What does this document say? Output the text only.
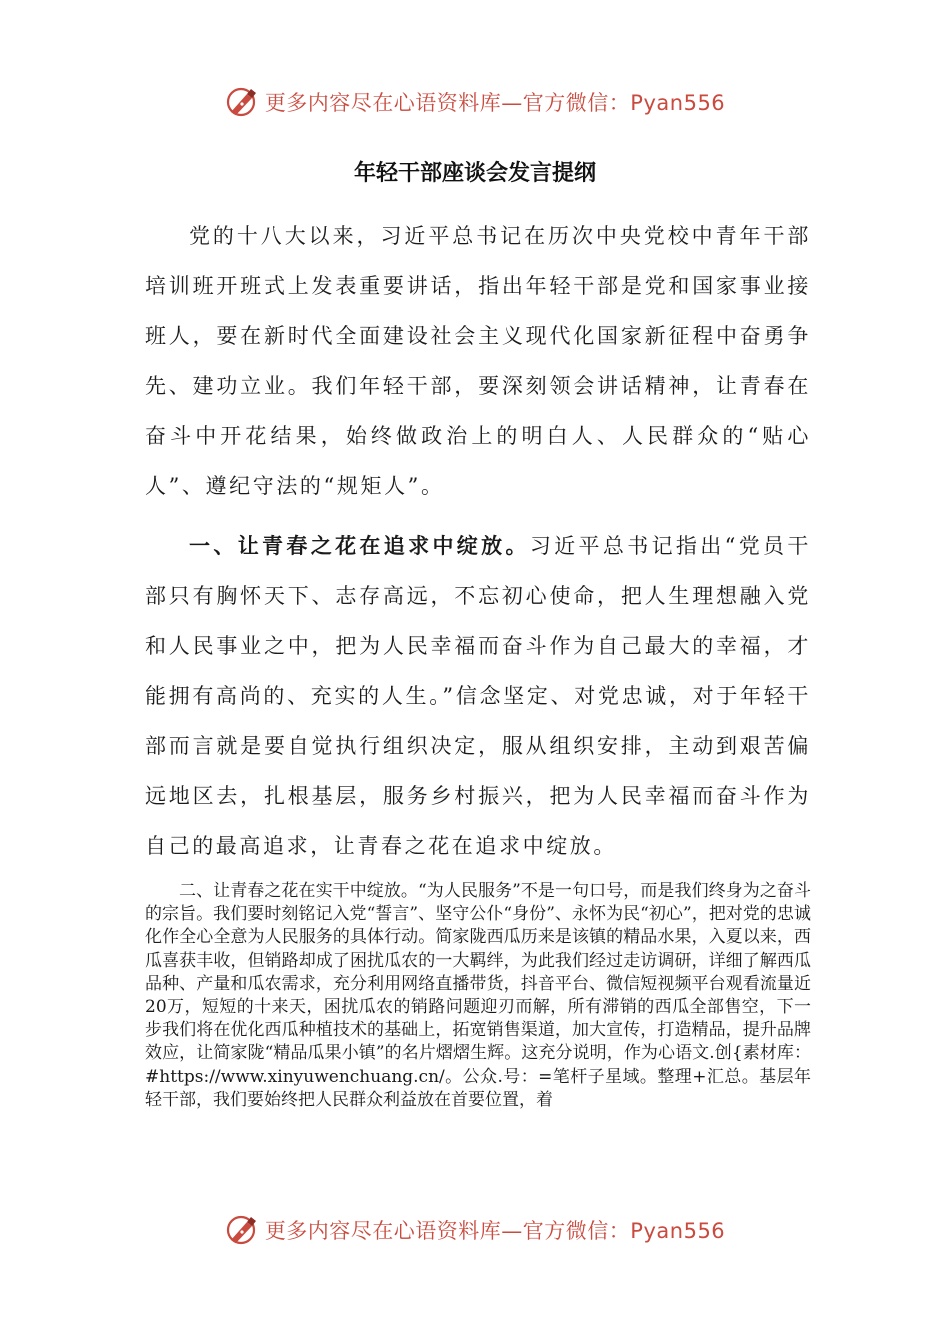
更多内容尽在心语资料库—官方微信：Pyan556
年轻干部座谈会发言提纲

党的十八大以来，习近平总书记在历次中央党校中青年干部培训班开班式上发表重要讲话，指出年轻干部是党和国家事业接班人，要在新时代全面建设社会主义现代化国家新征程中奋勇争先、建功立业。我们年轻干部，要深刻领会讲话精神，让青春在奋斗中开花结果，始终做政治上的明白人、人民群众的“贴心人”、遵纪守法的“规矩人”。

一、让青春之花在追求中绽放。习近平总书记指出“党员干部只有胸怀天下、志存高远，不忘初心使命，把人生理想融入党和人民事业之中，把为人民幸福而奋斗作为自己最大的幸福，才能拥有高尚的、充实的人生。”信念坚定、对党忠诚，对于年轻干部而言就是要自觉执行组织决定，服从组织安排，主动到艰苦偏远地区去，扎根基层，服务乡村振兴，把为人民幸福而奋斗作为自己的最高追求，让青春之花在追求中绽放。

二、让青春之花在实干中绽放。“为人民服务”不是一句口号，而是我们终身为之奋斗的宗旨。我们要时刻铭记入党“誓言”、坚守公仆“身份”、永怀为民“初心”，把对党的忠诚化作全心全意为人民服务的具体行动。简家陇西瓜历来是该镇的精品水果，入夏以来，西瓜喜获丰收，但销路却成了困扰瓜农的一大羁绊，为此我们经过走访调研，详细了解西瓜品种、产量和瓜农需求，充分利用网络直播带货，抖音平台、微信短视频平台观看流量近20万，短短的十来天，困扰瓜农的销路问题迎刃而解，所有滞销的西瓜全部售空，下一步我们将在优化西瓜种植技术的基础上，拓宽销售渠道，加大宣传，打造精品，提升品牌效应，让简家陇“精品瓜果小镇”的名片熠熠生辉。这充分说明，作为心语文.创{素材库：#https://www.xinyuwenchuang.cn/。公众.号：=笔杆子星域。整理+汇总。基层年轻干部，我们要始终把人民群众利益放在首要位置，着

更多内容尽在心语资料库—官方微信：Pyan556
